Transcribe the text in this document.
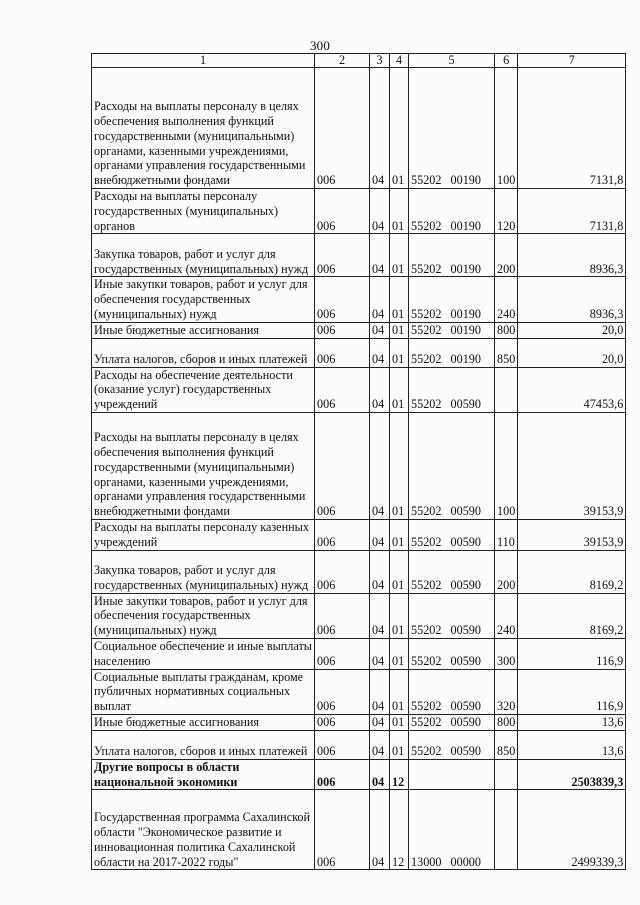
300
1	2	3	4	5	6	7
Расходы на выплаты персоналу в целях обеспечения выполнения функций государственными (муниципальными) органами, казенными учреждениями, органами управления государственными внебюджетными фондами	006	04	01	55202 00190	100	7131,8
Расходы на выплаты персоналу государственных (муниципальных) органов	006	04	01	55202 00190	120	7131,8
Закупка товаров, работ и услуг для государственных (муниципальных) нужд	006	04	01	55202 00190	200	8936,3
Иные закупки товаров, работ и услуг для обеспечения государственных (муниципальных) нужд	006	04	01	55202 00190	240	8936,3
Иные бюджетные ассигнования	006	04	01	55202 00190	800	20,0
Уплата налогов, сборов и иных платежей	006	04	01	55202 00190	850	20,0
Расходы на обеспечение деятельности (оказание услуг) государственных учреждений	006	04	01	55202 00590		47453,6
Расходы на выплаты персоналу в целях обеспечения выполнения функций государственными (муниципальными) органами, казенными учреждениями, органами управления государственными внебюджетными фондами	006	04	01	55202 00590	100	39153,9
Расходы на выплаты персоналу казенных учреждений	006	04	01	55202 00590	110	39153,9
Закупка товаров, работ и услуг для государственных (муниципальных) нужд	006	04	01	55202 00590	200	8169,2
Иные закупки товаров, работ и услуг для обеспечения государственных (муниципальных) нужд	006	04	01	55202 00590	240	8169,2
Социальное обеспечение и иные выплаты населению	006	04	01	55202 00590	300	116,9
Социальные выплаты гражданам, кроме публичных нормативных социальных выплат	006	04	01	55202 00590	320	116,9
Иные бюджетные ассигнования	006	04	01	55202 00590	800	13,6
Уплата налогов, сборов и иных платежей	006	04	01	55202 00590	850	13,6
Другие вопросы в области национальной экономики	006	04	12			2503839,3
Государственная программа Сахалинской области "Экономическое развитие и инновационная политика Сахалинской области на 2017-2022 годы"	006	04	12	13000 00000		2499339,3
